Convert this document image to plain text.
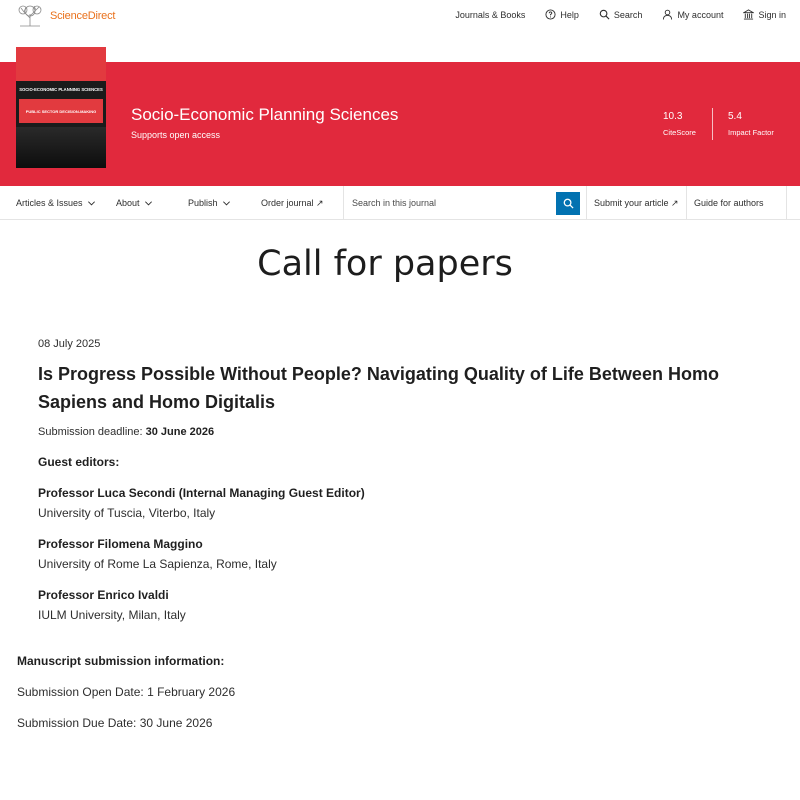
ScienceDirect	Journals & Books	Help	Search	My account	Sign in
SOCIO-ECONOMIC PLANNING SCIENCES
PUBLIC SECTOR DECISION-MAKING	Socio-Economic Planning Sciences
Supports open access
10.3
CiteScore
5.4
Impact Factor
Articles & Issues	About	Publish	Order journal ↗
Search in this journal	Submit your article ↗ Guide for authors
Call for papers
08 July 2025
Is Progress Possible Without People? Navigating Quality of Life Between Homo Sapiens and Homo Digitalis
Submission deadline: 30 June 2026
Guest editors:
Professor Luca Secondi (Internal Managing Guest Editor)
University of Tuscia, Viterbo, Italy
Professor Filomena Maggino
University of Rome La Sapienza, Rome, Italy
Professor Enrico Ivaldi
IULM University, Milan, Italy
Manuscript submission information:
Submission Open Date: 1 February 2026
Submission Due Date: 30 June 2026
